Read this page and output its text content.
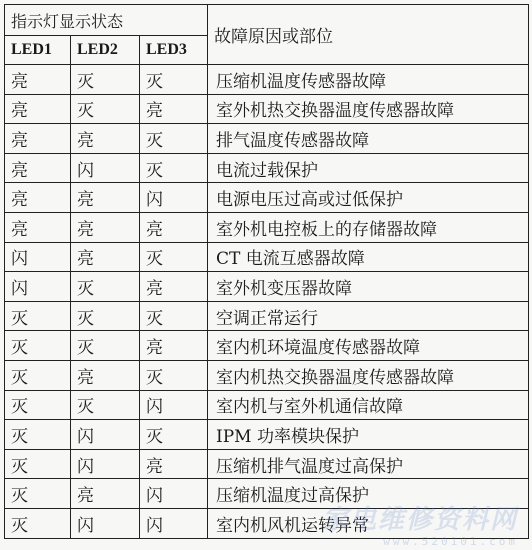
指示灯显示状态			故障原因或部位
LED1	LED2	LED3	
亮	灭	灭	压缩机温度传感器故障
亮	灭	亮	室外机热交换器温度传感器故障
亮	亮	灭	排气温度传感器故障
亮	闪	灭	电流过载保护
亮	亮	闪	电源电压过高或过低保护
亮	亮	亮	室外机电控板上的存储器故障
闪	亮	灭	CT 电流互感器故障
闪	灭	亮	室外机变压器故障
灭	灭	灭	空调正常运行
灭	灭	亮	室内机环境温度传感器故障
灭	亮	灭	室内机热交换器温度传感器故障
灭	灭	闪	室内机与室外机通信故障
灭	闪	灭	IPM 功率模块保护
灭	闪	亮	压缩机排气温度过高保护
灭	亮	闪	压缩机温度过高保护
灭	闪	闪	室内机风机运转异常
家电维修资料网
www.520101.com
